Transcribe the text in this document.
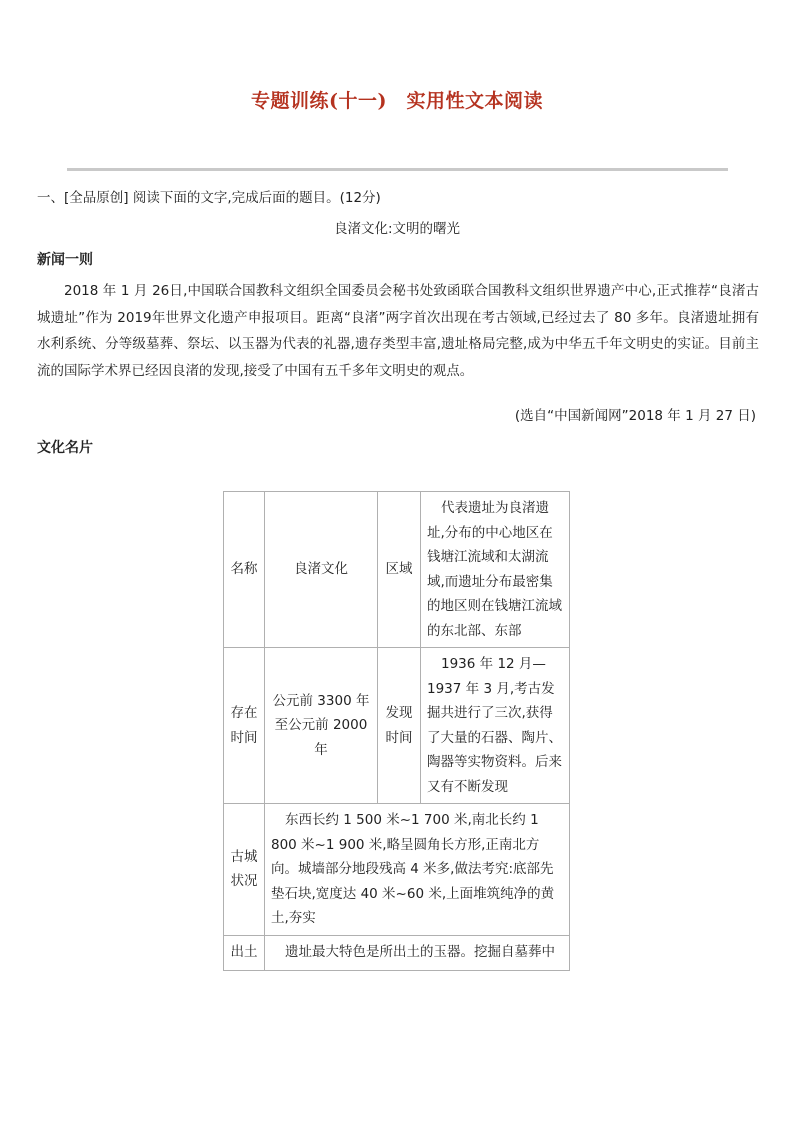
专题训练(十一)　实用性文本阅读
一、[全品原创] 阅读下面的文字,完成后面的题目。(12分)
良渚文化:文明的曙光
新闻一则
2018 年 1 月 26日,中国联合国教科文组织全国委员会秘书处致函联合国教科文组织世界遗产中心,正式推荐“良渚古城遗址”作为 2019年世界文化遗产申报项目。距离“良渚”两字首次出现在考古领域,已经过去了 80 多年。良渚遗址拥有水利系统、分等级墓葬、祭坛、以玉器为代表的礼器,遗存类型丰富,遗址格局完整,成为中华五千年文明史的实证。目前主流的国际学术界已经因良渚的发现,接受了中国有五千多年文明史的观点。
(选自“中国新闻网”2018 年 1 月 27 日)
文化名片
名称	良渚文化	区域	代表遗址为良渚遗址,分布的中心地区在钱塘江流域和太湖流域,而遗址分布最密集的地区则在钱塘江流域的东北部、东部
存在时间	公元前 3300 年至公元前 2000 年	发现时间	1936 年 12 月—1937 年 3 月,考古发掘共进行了三次,获得了大量的石器、陶片、陶器等实物资料。后来又有不断发现
古城状况	东西长约 1 500 米~1 700 米,南北长约 1 800 米~1 900 米,略呈圆角长方形,正南北方向。城墙部分地段残高 4 米多,做法考究:底部先垫石块,宽度达 40 米~60 米,上面堆筑纯净的黄土,夯实		
出土	遗址最大特色是所出土的玉器。挖掘自墓葬中		
